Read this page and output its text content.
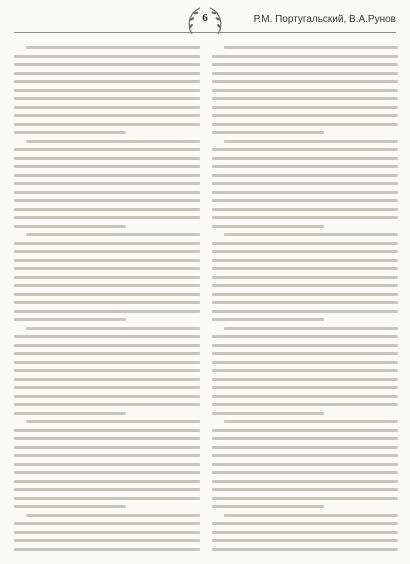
6	Р.М. Португальский, В.А.Рунов
